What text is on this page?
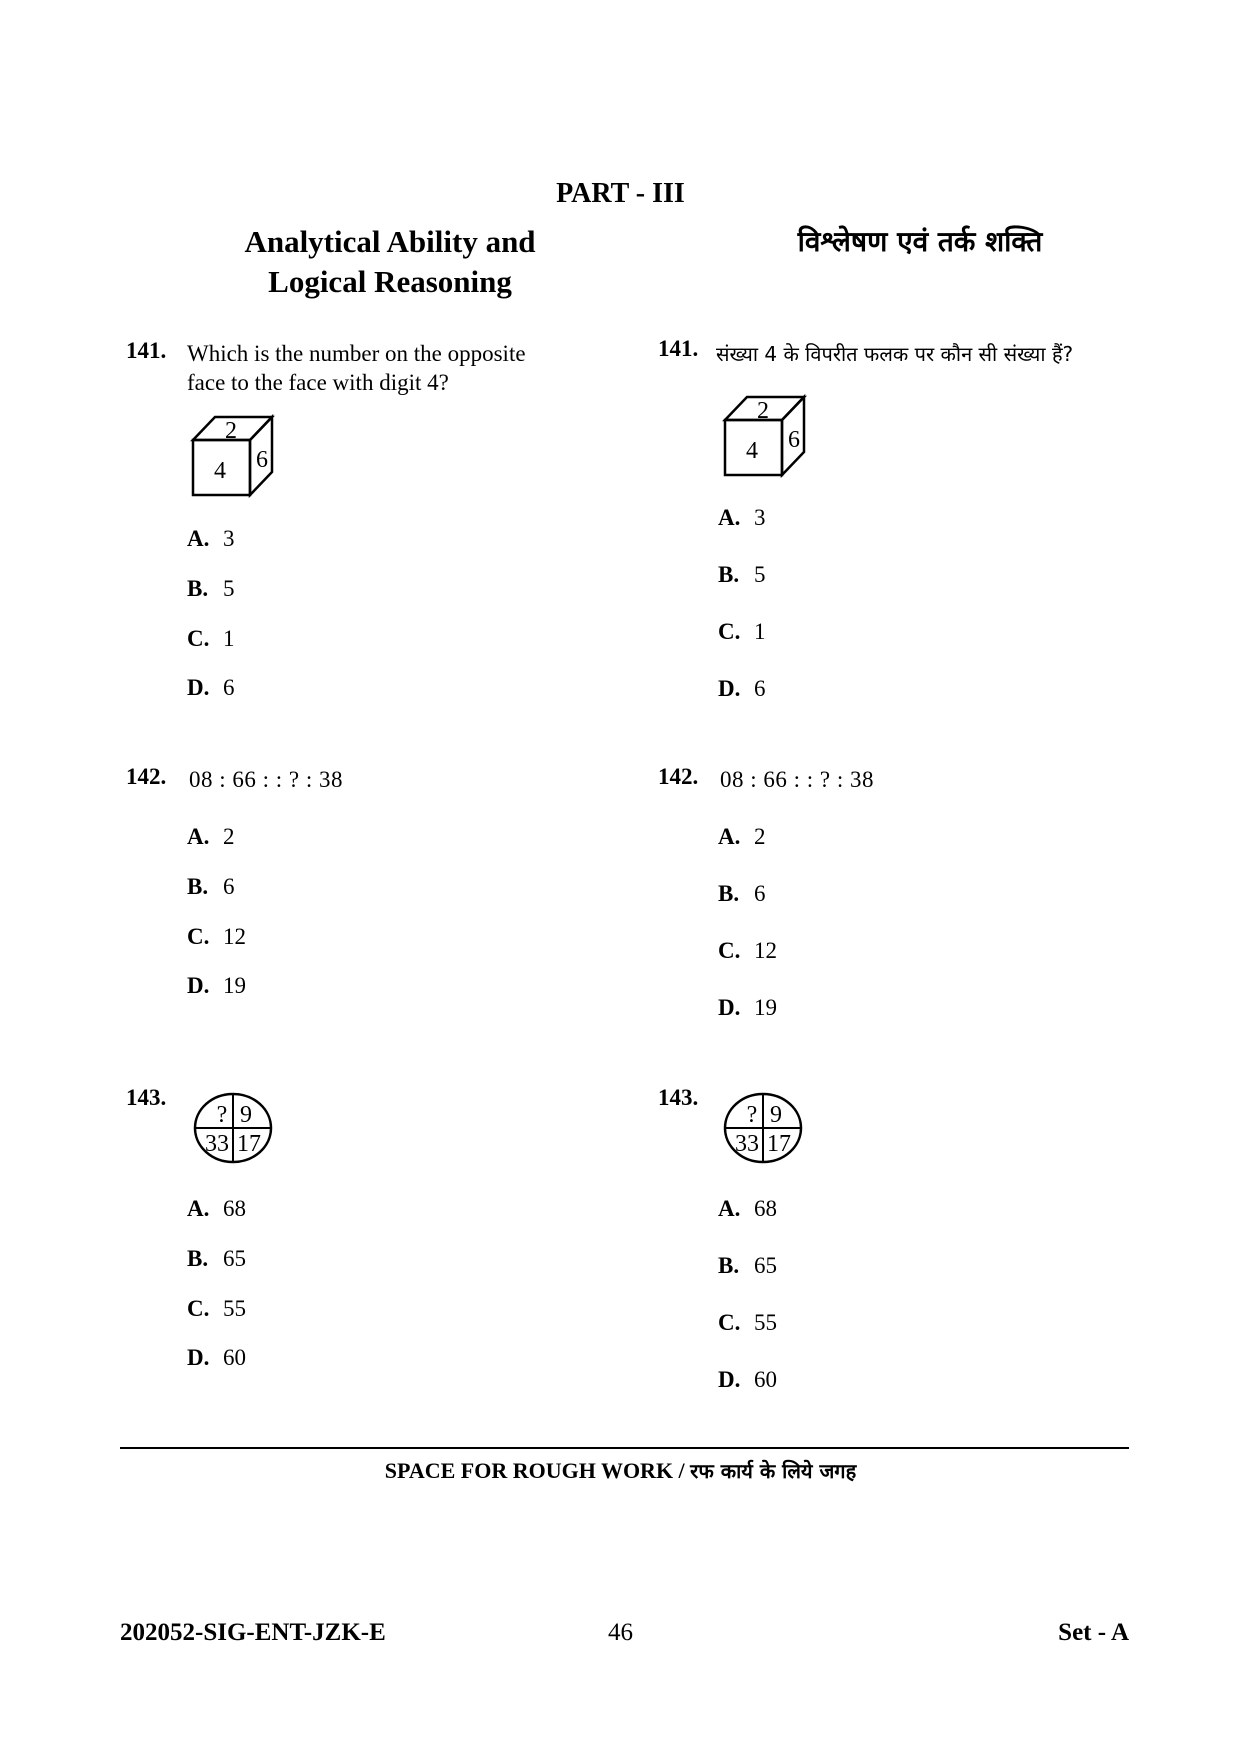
PART - III
Analytical Ability and
Logical Reasoning
विश्लेषण एवं तर्क शक्ति
141. Which is the number on the opposite
face to the face with digit 4?
2
4 6
A. 3
B. 5
C. 1
D. 6
142. 08 : 66 : : ? : 38
A. 2
B. 6
C. 12
D. 19
143.
? 9
33 17
A. 68
B. 65
C. 55
D. 60
141. संख्या 4 के विपरीत फलक पर कौन सी संख्या हैं?
2
4 6
A. 3
B. 5
C. 1
D. 6
142. 08 : 66 : : ? : 38
A. 2
B. 6
C. 12
D. 19
143.
? 9
33 17
A. 68
B. 65
C. 55
D. 60
SPACE FOR ROUGH WORK / रफ कार्य के लिये जगह
202052-SIG-ENT-JZK-E	46	Set - A
